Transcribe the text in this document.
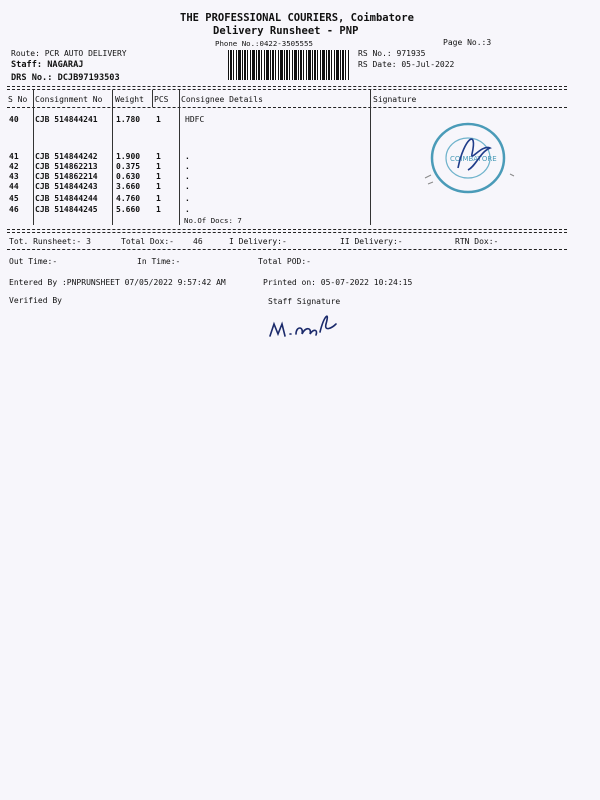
THE PROFESSIONAL COURIERS, Coimbatore
Delivery Runsheet - PNP
Phone No.:0422-3505555	Page No.:3
Route: PCR AUTO DELIVERY
Staff: NAGARAJ
DRS No.: DCJB97193503
RS No.: 971935
RS Date: 05-Jul-2022
S No Consignment No Weight PCS Consignee Details	Signature
40 CJB 514844241 1.780 1	HDFC
41 CJB 514844242 1.900 1	.
42 CJB 514862213 0.375 1	.
43 CJB 514862214 0.630 1	.
44 CJB 514844243 3.660 1	.
45 CJB 514844244 4.760 1	.
46 CJB 514844245 5.660 1	.
No.Of Docs: 7
COIMBATORE
Tot. Runsheet:- 3	Total Dox:- 46	I Delivery:-	II Delivery:-	RTN Dox:-
Out Time:-	In Time:-	Total POD:-
Entered By :PNPRUNSHEET 07/05/2022 9:57:42 AM	Printed on: 05-07-2022 10:24:15
Verified By	Staff Signature
